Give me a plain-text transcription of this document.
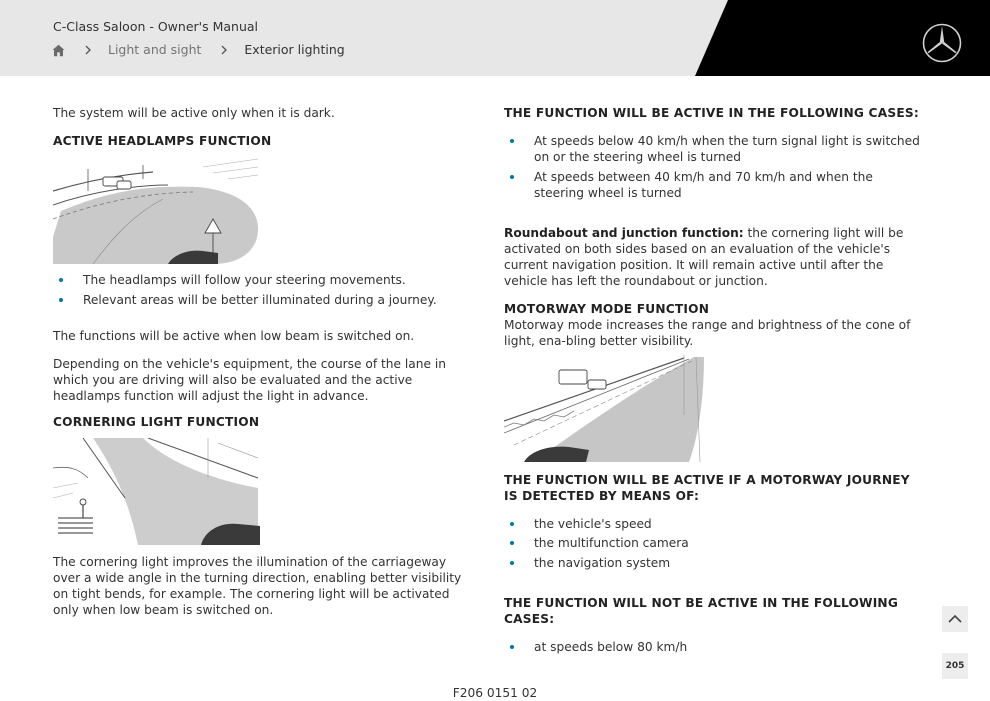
C-Class Saloon - Owner's Manual
Light and sight	Exterior lighting

The system will be active only when it is dark.

ACTIVE HEADLAMPS FUNCTION
The headlamps will follow your steering movements.
Relevant areas will be better illuminated during a journey.

The functions will be active when low beam is switched on.

Depending on the vehicle's equipment, the course of the lane in which you are driving will also be evaluated and the active headlamps function will adjust the light in advance.

CORNERING LIGHT FUNCTION

The cornering light improves the illumination of the carriageway over a wide angle in the turning direction, enabling better visibility on tight bends, for example. The cornering light will be activated only when low beam is switched on.

THE FUNCTION WILL BE ACTIVE IN THE FOLLOWING CASES:
At speeds below 40 km/h when the turn signal light is switched on or the steering wheel is turned
At speeds between 40 km/h and 70 km/h and when the steering wheel is turned

Roundabout and junction function: the cornering light will be activated on both sides based on an evaluation of the vehicle's current navigation position. It will remain active until after the vehicle has left the roundabout or junction.

MOTORWAY MODE FUNCTION

Motorway mode increases the range and brightness of the cone of light, ena-bling better visibility.

THE FUNCTION WILL BE ACTIVE IF A MOTORWAY JOURNEY IS DETECTED BY MEANS OF:
the vehicle's speed
the multifunction camera
the navigation system
THE FUNCTION WILL NOT BE ACTIVE IN THE FOLLOWING CASES:
at speeds below 80 km/h
205
F206 0151 02
